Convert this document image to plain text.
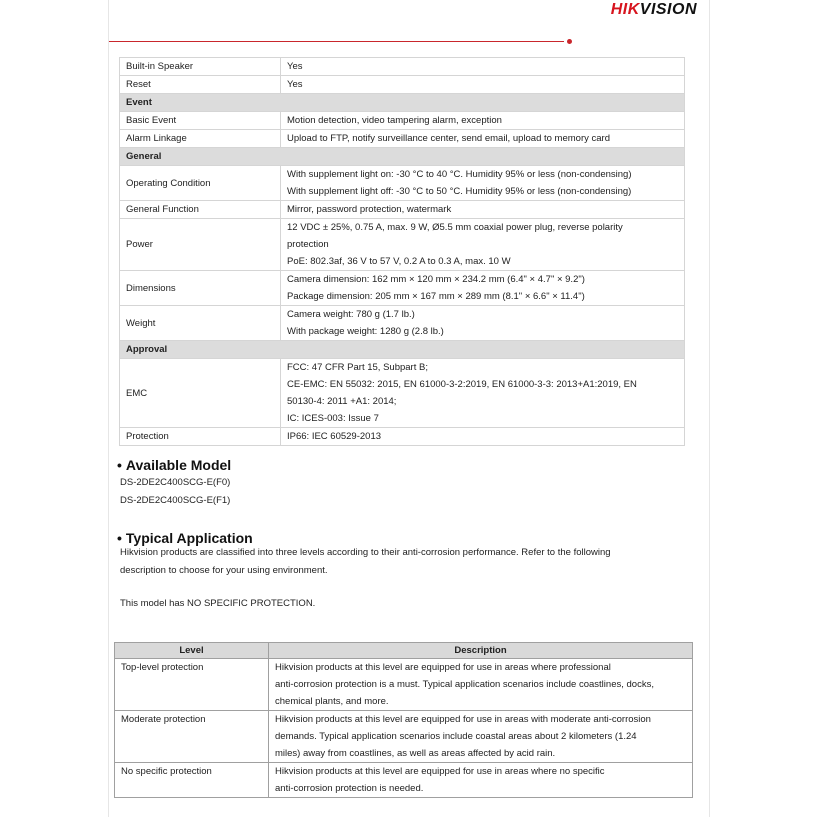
HIKVISION
Built-in Speaker	Yes

Reset	Yes

Event	
Basic Event	Motion detection, video tampering alarm, exception

Alarm Linkage	Upload to FTP, notify surveillance center, send email, upload to memory card

General	
Operating Condition	With supplement light on: -30 °C to 40 °C. Humidity 95% or less (non-condensing)
With supplement light off: -30 °C to 50 °C. Humidity 95% or less (non-condensing)

General Function	Mirror, password protection, watermark

Power	12 VDC ± 25%, 0.75 A, max. 9 W, Ø5.5 mm coaxial power plug, reverse polarity
protection
PoE: 802.3af, 36 V to 57 V, 0.2 A to 0.3 A, max. 10 W

Dimensions	Camera dimension: 162 mm × 120 mm × 234.2 mm (6.4" × 4.7" × 9.2")
Package dimension: 205 mm × 167 mm × 289 mm (8.1" × 6.6" × 11.4")

Weight	Camera weight: 780 g (1.7 lb.)
With package weight: 1280 g (2.8 lb.)

Approval	
EMC	FCC: 47 CFR Part 15, Subpart B;
CE-EMC: EN 55032: 2015, EN 61000-3-2:2019, EN 61000-3-3: 2013+A1:2019, EN
50130-4: 2011 +A1: 2014;
IC: ICES-003: Issue 7

Protection	IP66: IEC 60529-2013
• Available Model
DS-2DE2C400SCG-E(F0)
DS-2DE2C400SCG-E(F1)
• Typical Application
Hikvision products are classified into three levels according to their anti-corrosion performance. Refer to the following
description to choose for your using environment.
This model has NO SPECIFIC PROTECTION.
Level	Description
Top-level protection	Hikvision products at this level are equipped for use in areas where professional
anti-corrosion protection is a must. Typical application scenarios include coastlines, docks,
chemical plants, and more.

Moderate protection	Hikvision products at this level are equipped for use in areas with moderate anti-corrosion
demands. Typical application scenarios include coastal areas about 2 kilometers (1.24
miles) away from coastlines, as well as areas affected by acid rain.

No specific protection	Hikvision products at this level are equipped for use in areas where no specific
anti-corrosion protection is needed.
